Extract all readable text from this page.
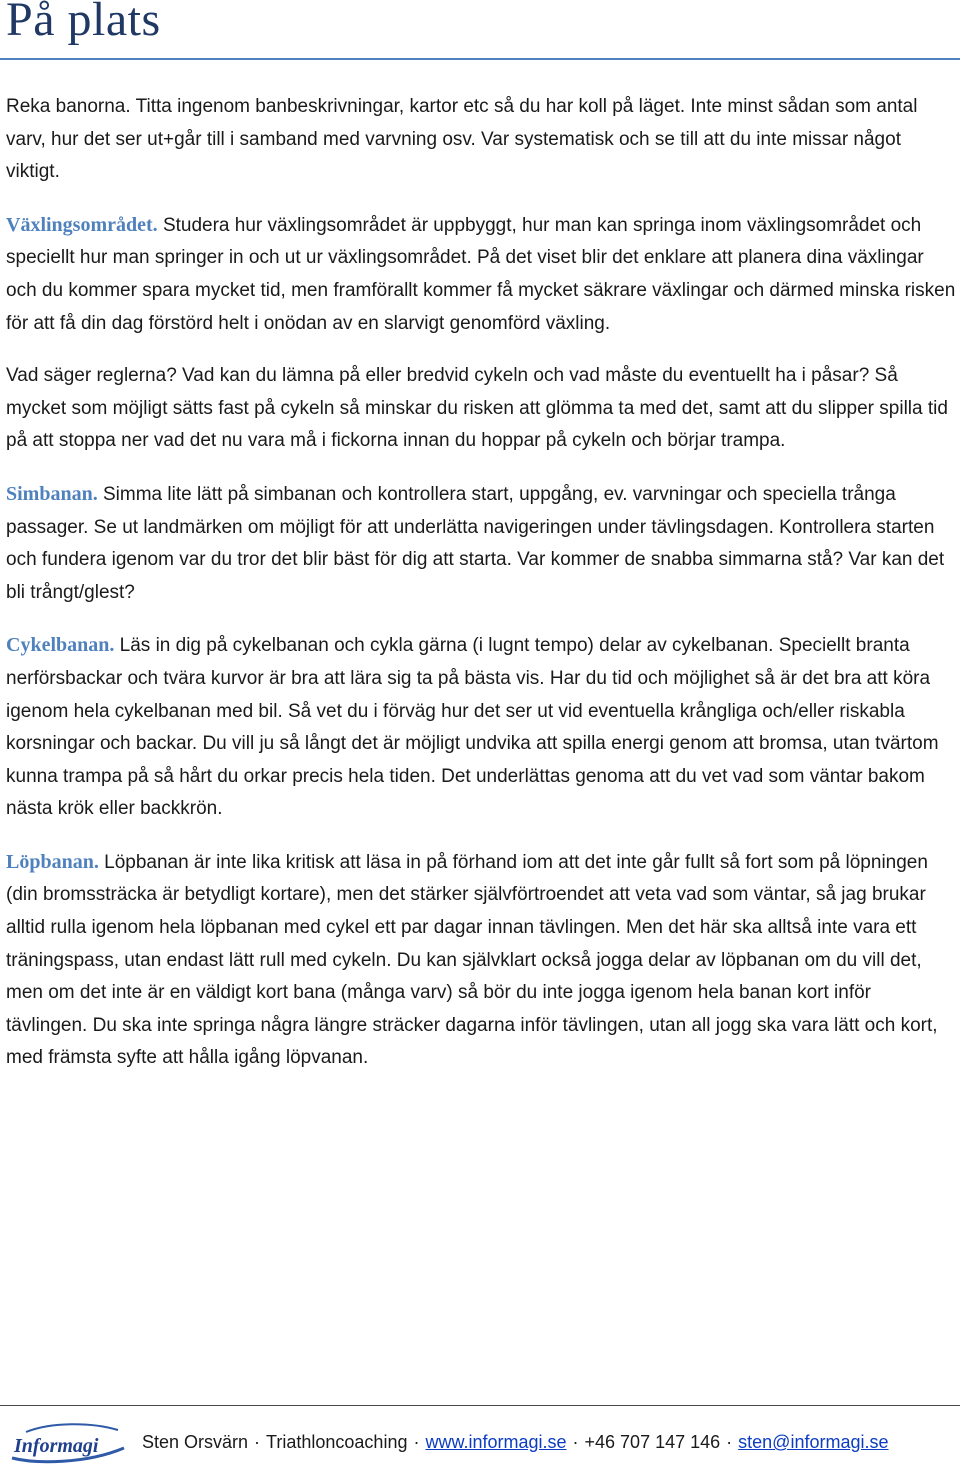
På plats

Reka banorna. Titta ingenom banbeskrivningar, kartor etc så du har koll på läget. Inte minst sådan som antal varv, hur det ser ut+går till i samband med varvning osv. Var systematisk och se till att du inte missar något viktigt.

Växlingsområdet. Studera hur växlingsområdet är uppbyggt, hur man kan springa inom växlingsområdet och speciellt hur man springer in och ut ur växlingsområdet. På det viset blir det enklare att planera dina växlingar och du kommer spara mycket tid, men framförallt kommer få mycket säkrare växlingar och därmed minska risken för att få din dag förstörd helt i onödan av en slarvigt genomförd växling.

Vad säger reglerna? Vad kan du lämna på eller bredvid cykeln och vad måste du eventuellt ha i påsar? Så mycket som möjligt sätts fast på cykeln så minskar du risken att glömma ta med det, samt att du slipper spilla tid på att stoppa ner vad det nu vara må i fickorna innan du hoppar på cykeln och börjar trampa.

Simbanan. Simma lite lätt på simbanan och kontrollera start, uppgång, ev. varvningar och speciella trånga passager. Se ut landmärken om möjligt för att underlätta navigeringen under tävlingsdagen. Kontrollera starten och fundera igenom var du tror det blir bäst för dig att starta. Var kommer de snabba simmarna stå? Var kan det bli trångt/glest?

Cykelbanan. Läs in dig på cykelbanan och cykla gärna (i lugnt tempo) delar av cykelbanan. Speciellt branta nerförsbackar och tvära kurvor är bra att lära sig ta på bästa vis. Har du tid och möjlighet så är det bra att köra igenom hela cykelbanan med bil. Så vet du i förväg hur det ser ut vid eventuella krångliga och/eller riskabla korsningar och backar. Du vill ju så långt det är möjligt undvika att spilla energi genom att bromsa, utan tvärtom kunna trampa på så hårt du orkar precis hela tiden. Det underlättas genoma att du vet vad som väntar bakom nästa krök eller backkrön.

Löpbanan. Löpbanan är inte lika kritisk att läsa in på förhand iom att det inte går fullt så fort som på löpningen (din bromssträcka är betydligt kortare), men det stärker självförtroendet att veta vad som väntar, så jag brukar alltid rulla igenom hela löpbanan med cykel ett par dagar innan tävlingen. Men det här ska alltså inte vara ett träningspass, utan endast lätt rull med cykeln. Du kan självklart också jogga delar av löpbanan om du vill det, men om det inte är en väldigt kort bana (många varv) så bör du inte jogga igenom hela banan kort inför tävlingen. Du ska inte springa några längre sträcker dagarna inför tävlingen, utan all jogg ska vara lätt och kort, med främsta syfte att hålla igång löpvanan.

Informagi Sten Orsvärn · Triathloncoaching · www.informagi.se · +46 707 147 146 · sten@informagi.se
